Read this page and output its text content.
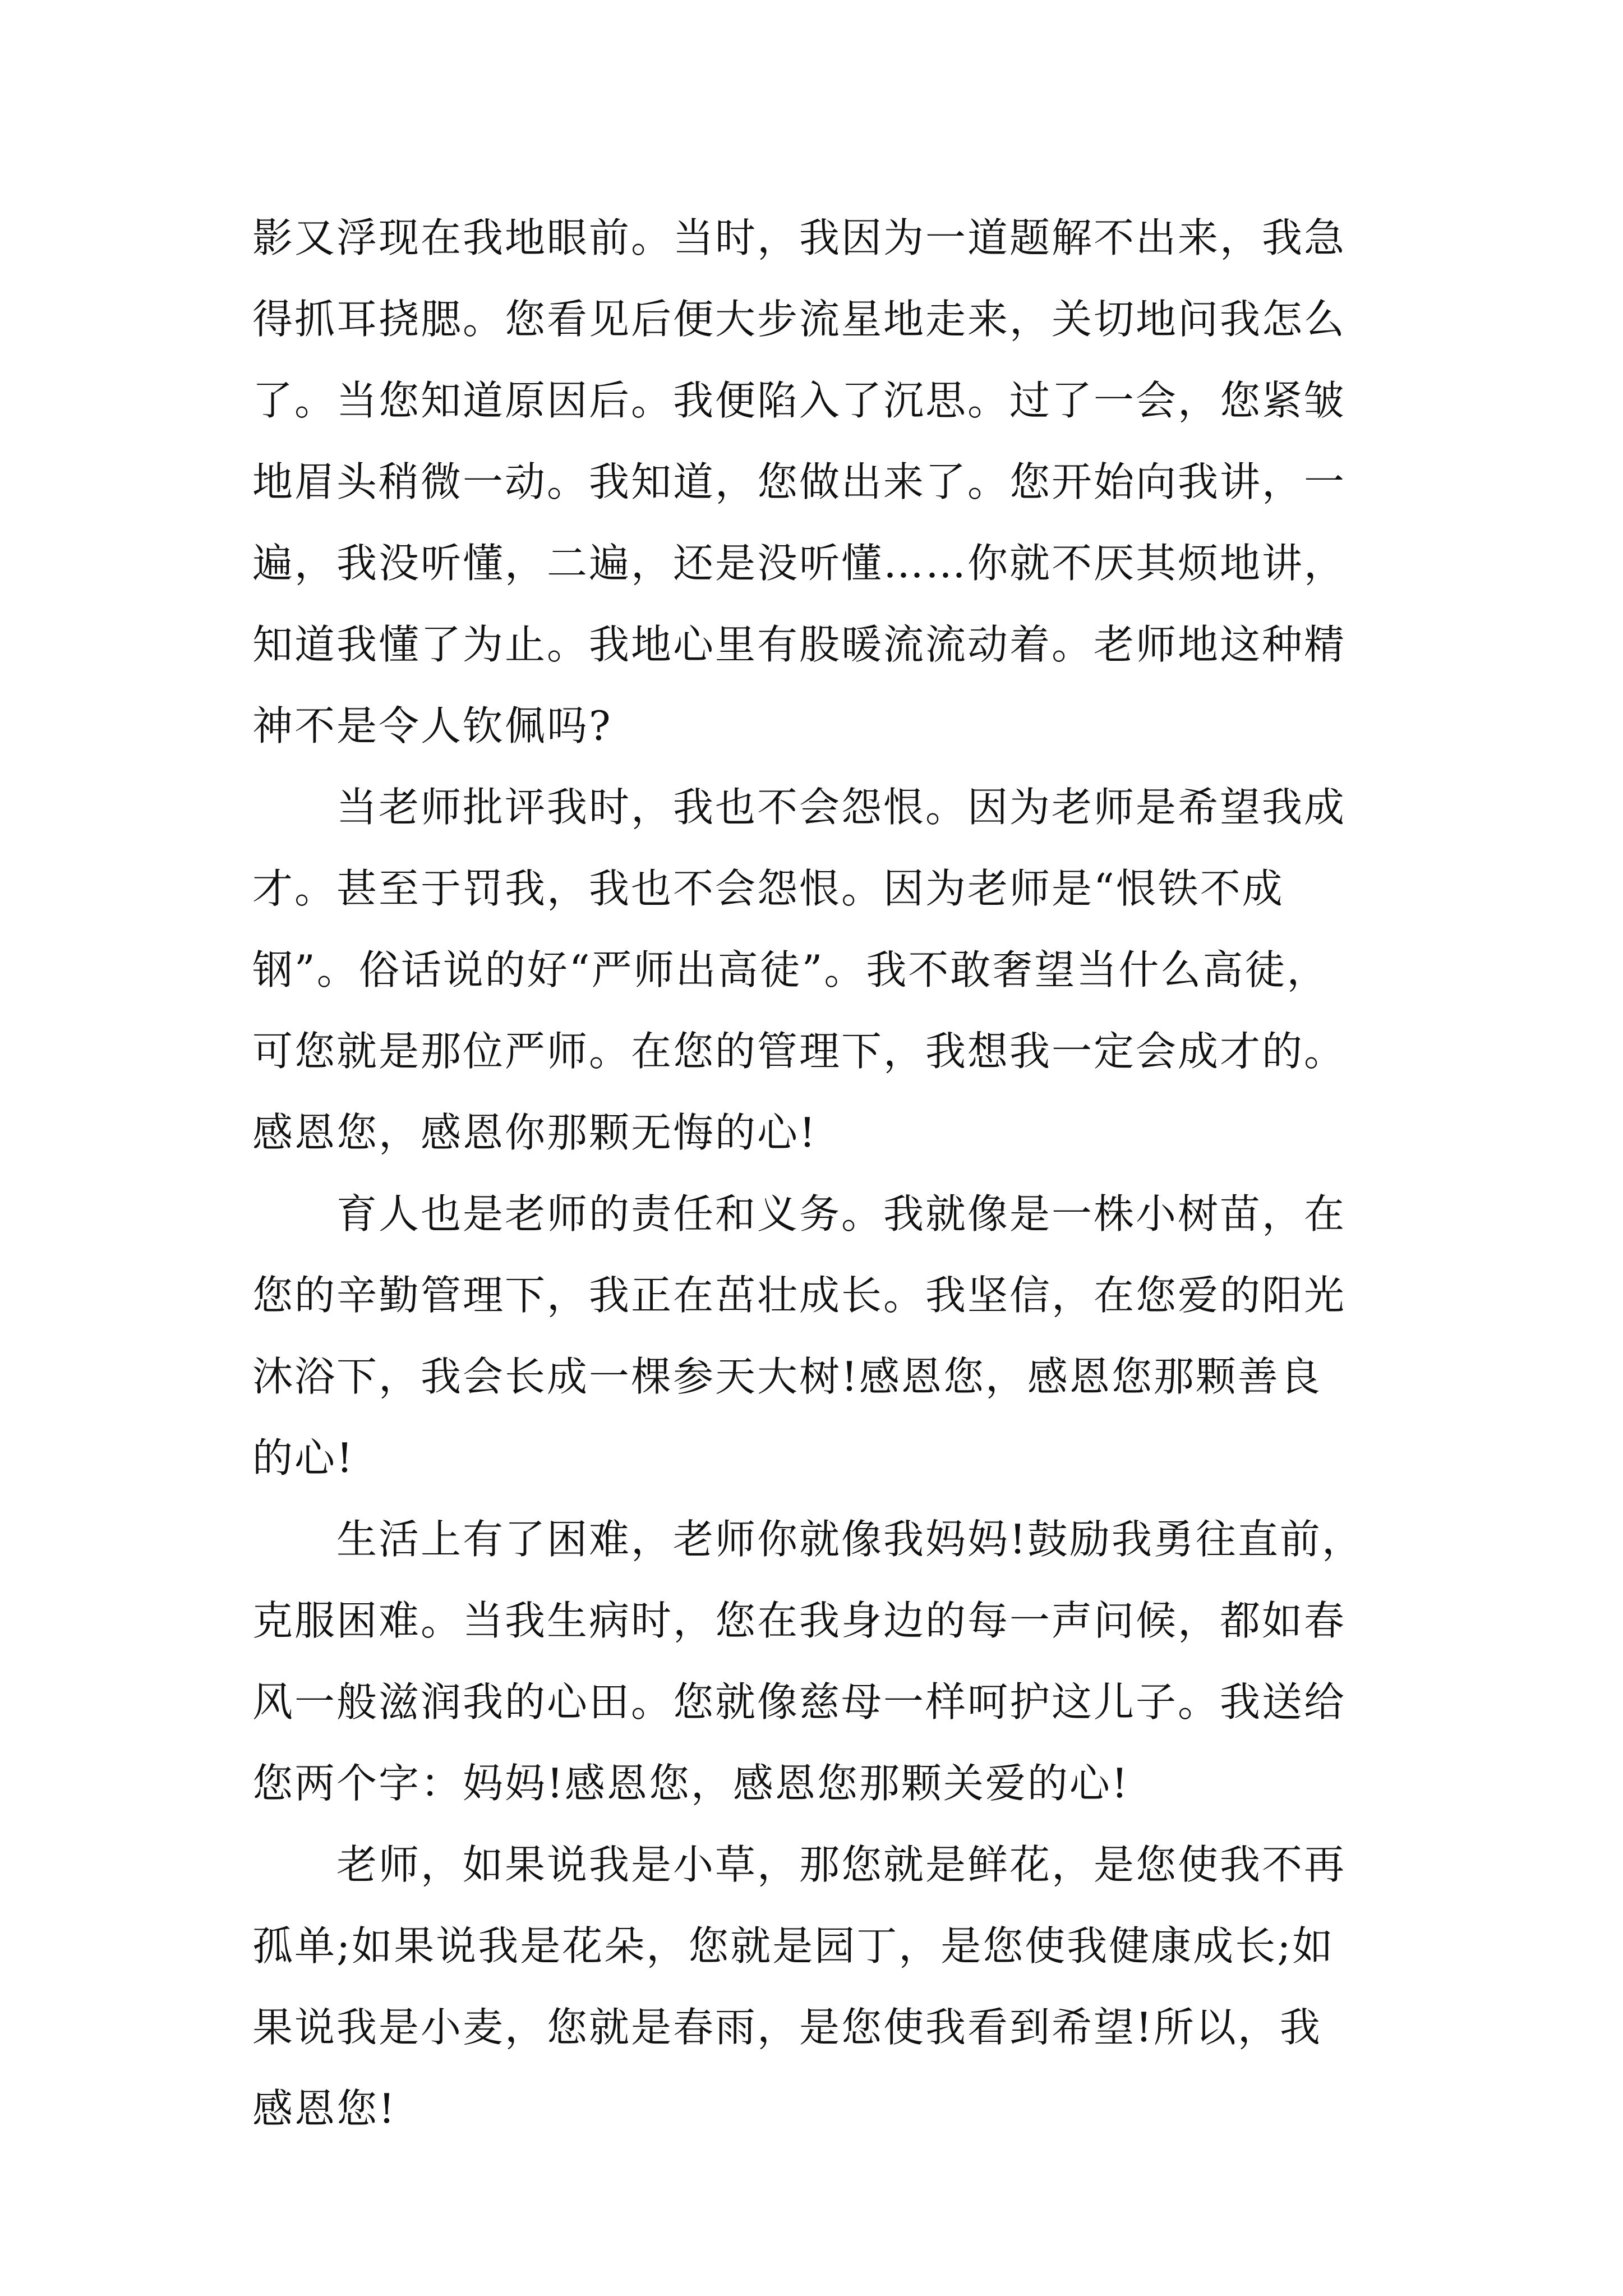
影又浮现在我地眼前。当时，我因为一道题解不出来，我急
得抓耳挠腮。您看见后便大步流星地走来，关切地问我怎么
了。当您知道原因后。我便陷入了沉思。过了一会，您紧皱
地眉头稍微一动。我知道，您做出来了。您开始向我讲，一
遍，我没听懂，二遍，还是没听懂……你就不厌其烦地讲，
知道我懂了为止。我地心里有股暖流流动着。老师地这种精
神不是令人钦佩吗?
　　当老师批评我时，我也不会怨恨。因为老师是希望我成
才。甚至于罚我，我也不会怨恨。因为老师是“恨铁不成
钢”。俗话说的好“严师出高徒”。我不敢奢望当什么高徒，
可您就是那位严师。在您的管理下，我想我一定会成才的。
感恩您，感恩你那颗无悔的心!
　　育人也是老师的责任和义务。我就像是一株小树苗，在
您的辛勤管理下，我正在茁壮成长。我坚信，在您爱的阳光
沐浴下，我会长成一棵参天大树!感恩您，感恩您那颗善良
的心!
　　生活上有了困难，老师你就像我妈妈!鼓励我勇往直前，
克服困难。当我生病时，您在我身边的每一声问候，都如春
风一般滋润我的心田。您就像慈母一样呵护这儿子。我送给
您两个字：妈妈!感恩您，感恩您那颗关爱的心!
　　老师，如果说我是小草，那您就是鲜花，是您使我不再
孤单;如果说我是花朵，您就是园丁，是您使我健康成长;如
果说我是小麦，您就是春雨，是您使我看到希望!所以，我
感恩您!
